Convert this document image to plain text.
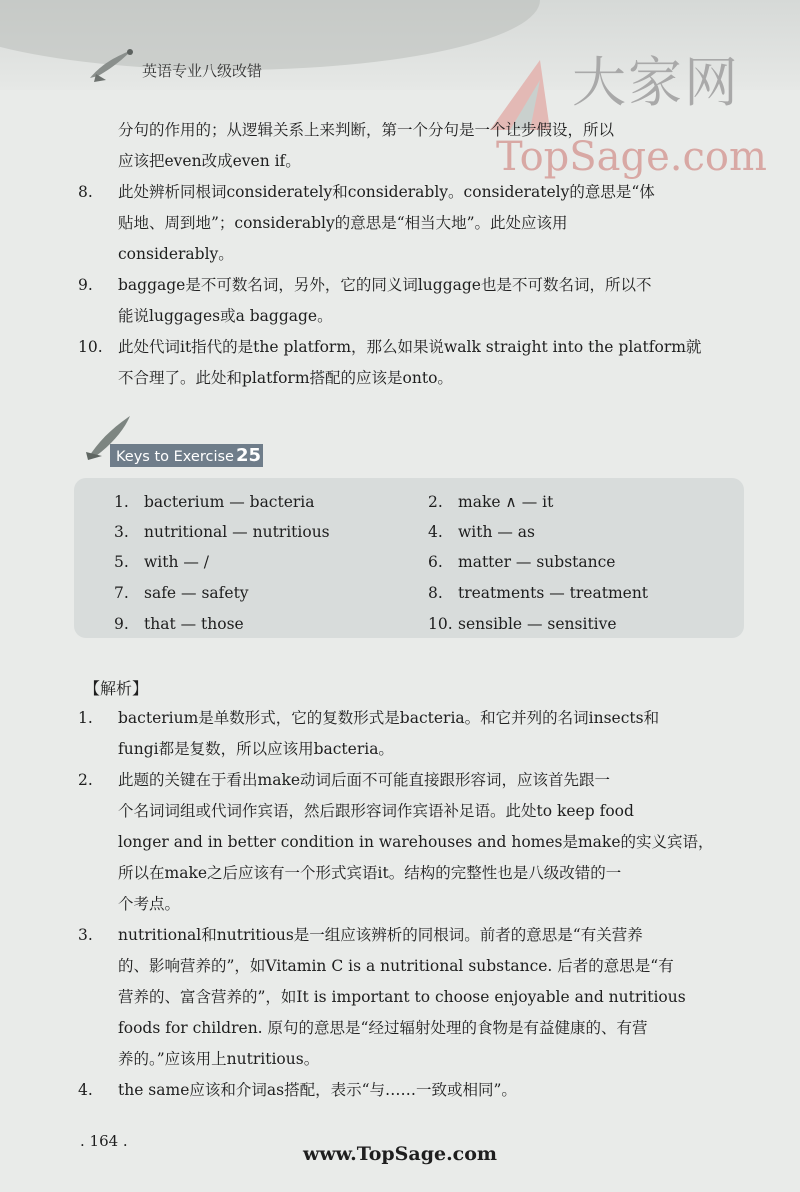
英语专业八级改错	大家网
TopSage.com
分句的作用的；从逻辑关系上来判断，第一个分句是一个让步假设，所以
应该把even改成even if。
8. 此处辨析同根词considerately和considerably。considerately的意思是“体
贴地、周到地”；considerably的意思是“相当大地”。此处应该用
considerably。
9. baggage是不可数名词，另外，它的同义词luggage也是不可数名词，所以不
能说luggages或a baggage。
10. 此处代词it指代的是the platform，那么如果说walk straight into the platform就
不合理了。此处和platform搭配的应该是onto。
Keys to Exercise 25
1. bacterium — bacteria	2. make ∧ — it
3. nutritional — nutritious	4. with — as
5. with — /	6. matter — substance
7. safe — safety	8. treatments — treatment
9. that — those	10. sensible — sensitive
【解析】
1. bacterium是单数形式，它的复数形式是bacteria。和它并列的名词insects和
fungi都是复数，所以应该用bacteria。
2. 此题的关键在于看出make动词后面不可能直接跟形容词，应该首先跟一
个名词词组或代词作宾语，然后跟形容词作宾语补足语。此处to keep food
longer and in better condition in warehouses and homes是make的实义宾语，
所以在make之后应该有一个形式宾语it。结构的完整性也是八级改错的一
个考点。
3. nutritional和nutritious是一组应该辨析的同根词。前者的意思是“有关营养
的、影响营养的”，如Vitamin C is a nutritional substance. 后者的意思是“有
营养的、富含营养的”，如It is important to choose enjoyable and nutritious
foods for children. 原句的意思是“经过辐射处理的食物是有益健康的、有营
养的。”应该用上nutritious。
4. the same应该和介词as搭配，表示“与……一致或相同”。
. 164 .
www.TopSage.com
